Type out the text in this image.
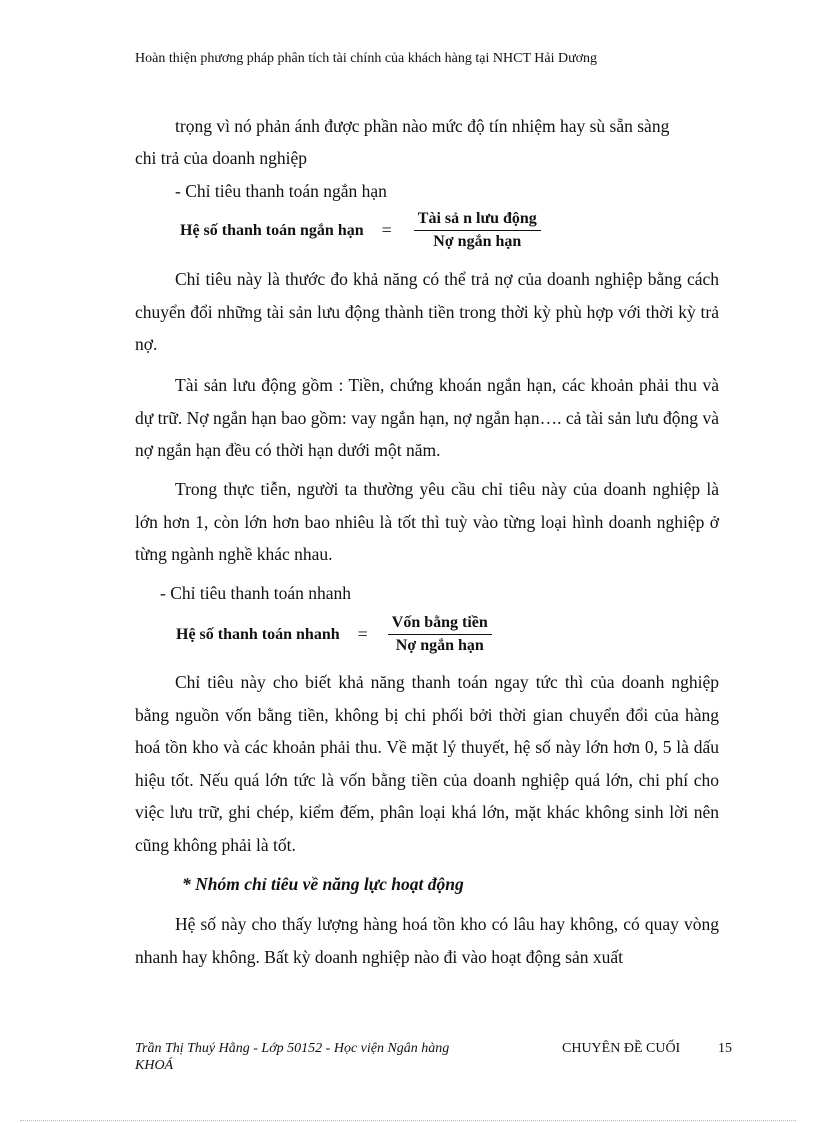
Hoàn thiện phương pháp phân tích tài chính của khách hàng tại NHCT Hải Dương
trọng vì nó phản ánh được phần nào mức độ tín nhiệm hay sù sẵn sàng
chi trả của doanh nghiệp
- Chỉ tiêu thanh toán ngắn hạn
Hệ số thanh toán ngắn hạn = $\frac{\text{Tài sả n lưu động}}{\text{Nợ ngắn hạn}}$

Chỉ tiêu này là thước đo khả năng có thể trả nợ của doanh nghiệp bằng cách chuyển đổi những tài sản lưu động thành tiền trong thời kỳ phù hợp với thời kỳ trả nợ.

Tài sản lưu động gồm : Tiền, chứng khoán ngắn hạn, các khoản phải thu và dự trữ. Nợ ngắn hạn bao gồm: vay ngắn hạn, nợ ngắn hạn…. cả tài sản lưu động và nợ ngắn hạn đều có thời hạn dưới một năm.

Trong thực tiễn, người ta thường yêu cầu chỉ tiêu này của doanh nghiệp là lớn hơn 1, còn lớn hơn bao nhiêu là tốt thì tuỳ vào từng loại hình doanh nghiệp ở từng ngành nghề khác nhau.

- Chỉ tiêu thanh toán nhanh
Hệ số thanh toán nhanh = $\frac{\text{Vốn bằng tiền}}{\text{Nợ ngắn hạn}}$

Chỉ tiêu này cho biết khả năng thanh toán ngay tức thì của doanh nghiệp bằng nguồn vốn bằng tiền, không bị chi phối bởi thời gian chuyển đổi của hàng hoá tồn kho và các khoản phải thu. Về mặt lý thuyết, hệ số này lớn hơn 0, 5 là dấu hiệu tốt. Nếu quá lớn tức là vốn bằng tiền của doanh nghiệp quá lớn, chi phí cho việc lưu trữ, ghi chép, kiểm đếm, phân loại khá lớn, mặt khác không sinh lời nên cũng không phải là tốt.

* Nhóm chỉ tiêu về năng lực hoạt động

Hệ số này cho thấy lượng hàng hoá tồn kho có lâu hay không, có quay vòng nhanh hay không. Bất kỳ doanh nghiệp nào đi vào hoạt động sản xuất

Trần Thị Thuý Hằng - Lớp 50152 - Học viện Ngân hàng
KHOÁ
CHUYÊN ĐỀ CUỐI	15
